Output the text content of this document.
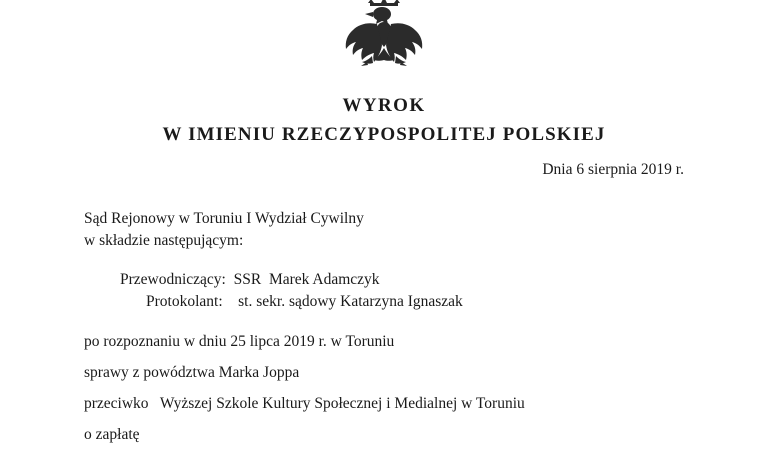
WYROK
W IMIENIU RZECZYPOSPOLITEJ POLSKIEJ
Dnia 6 sierpnia 2019 r.
Sąd Rejonowy w Toruniu I Wydział Cywilny
w składzie następującym:
Przewodniczący:  SSR  Marek Adamczyk
Protokolant:    st. sekr. sądowy Katarzyna Ignaszak
po rozpoznaniu w dniu 25 lipca 2019 r. w Toruniu
sprawy z powództwa Marka Joppa
przeciwko   Wyższej Szkole Kultury Społecznej i Medialnej w Toruniu
o zapłatę
